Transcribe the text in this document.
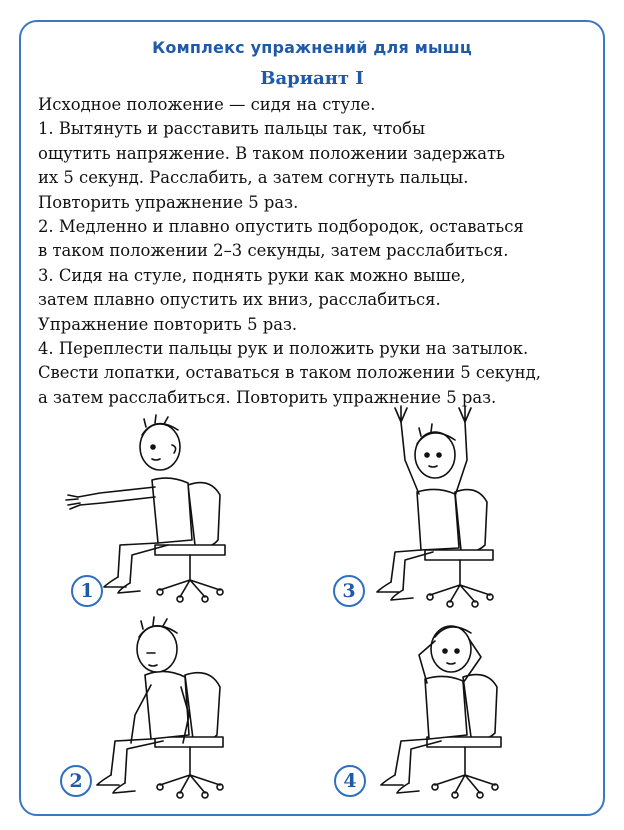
Комплекс упражнений для мышц
Вариант I
Исходное положение — сидя на стуле.
1. Вытянуть и расставить пальцы так, чтобы
ощутить напряжение. В таком положении задержать
их 5 секунд. Расслабить, а затем согнуть пальцы.
Повторить упражнение 5 раз.
2. Медленно и плавно опустить подбородок, оставаться
в таком положении 2–3 секунды, затем расслабиться.
3. Сидя на стуле, поднять руки как можно выше,
затем плавно опустить их вниз, расслабиться.
Упражнение повторить 5 раз.
4. Переплести пальцы рук и положить руки на затылок.
Свести лопатки, оставаться в таком положении 5 секунд,
а затем расслабиться. Повторить упражнение 5 раз.
1
2
3
4
